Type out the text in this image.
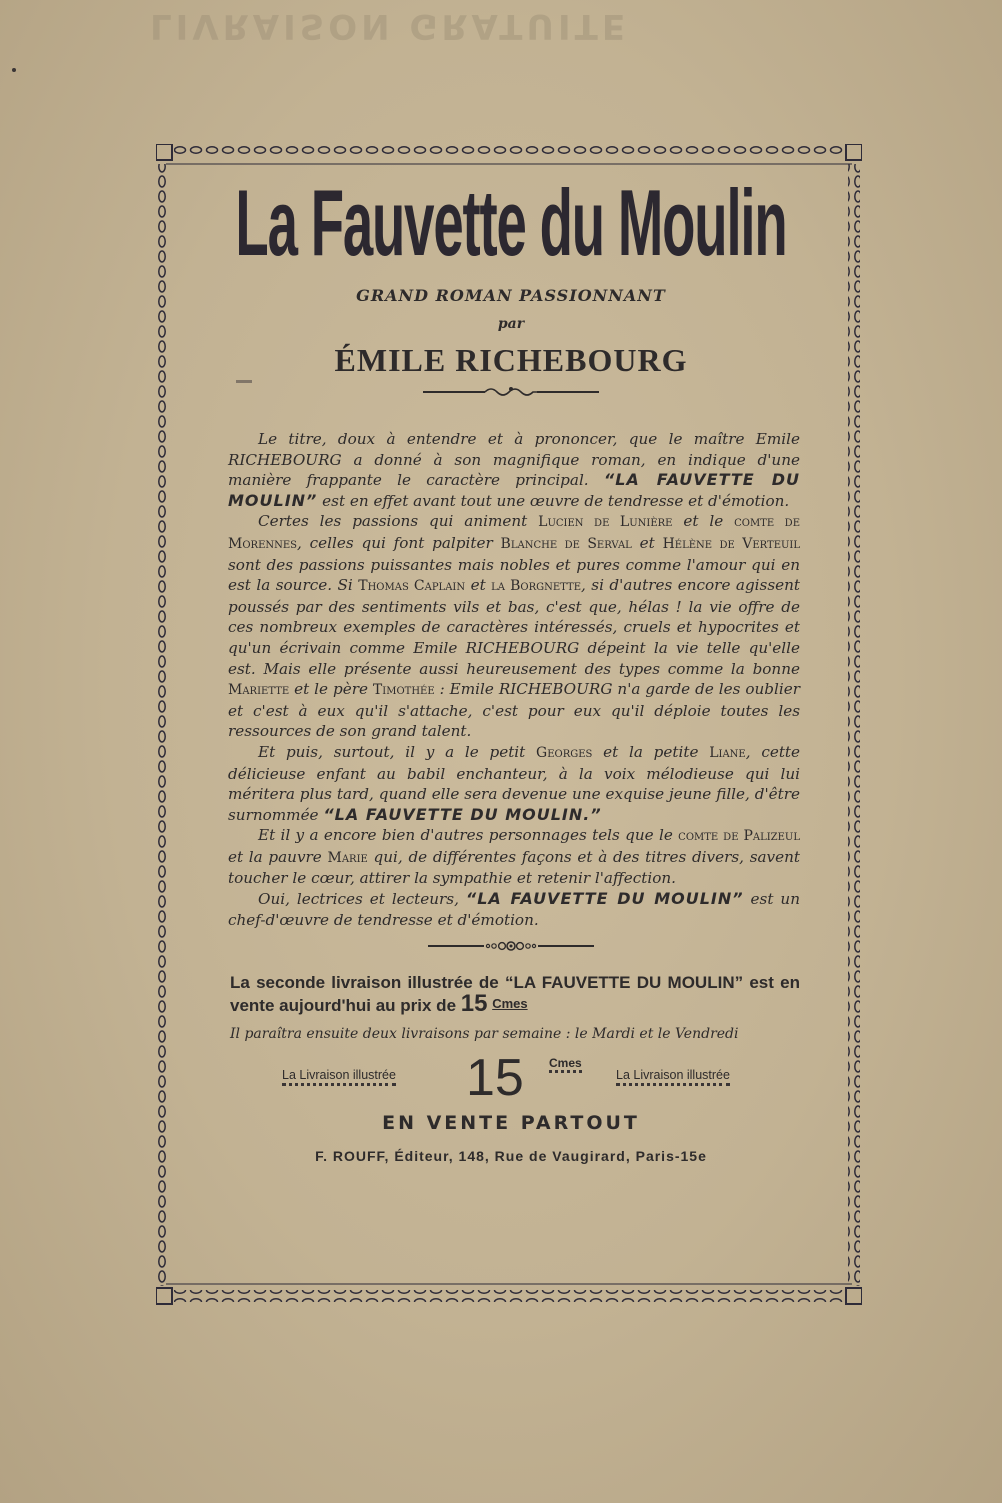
LIVRAISON GRATUITE
La Fauvette du Moulin
GRAND ROMAN PASSIONNANT
par
ÉMILE RICHEBOURG

Le titre, doux à entendre et à prononcer, que le maître Emile RICHEBOURG a donné à son magnifique roman, en indique d'une manière frappante le caractère principal. “LA FAUVETTE DU MOULIN” est en effet avant tout une œuvre de tendresse et d'émotion.

Certes les passions qui animent Lucien de Lunière et le comte de Morennes, celles qui font palpiter Blanche de Serval et Hélène de Verteuil sont des passions puissantes mais nobles et pures comme l'amour qui en est la source. Si Thomas Caplain et la Borgnette, si d'autres encore agissent poussés par des sentiments vils et bas, c'est que, hélas ! la vie offre de ces nombreux exemples de caractères intéressés, cruels et hypocrites et qu'un écrivain comme Emile RICHEBOURG dépeint la vie telle qu'elle est. Mais elle présente aussi heureusement des types comme la bonne Mariette et le père Timothée : Emile RICHEBOURG n'a garde de les oublier et c'est à eux qu'il s'attache, c'est pour eux qu'il déploie toutes les ressources de son grand talent.

Et puis, surtout, il y a le petit Georges et la petite Liane, cette délicieuse enfant au babil enchanteur, à la voix mélodieuse qui lui méritera plus tard, quand elle sera devenue une exquise jeune fille, d'être surnommée “LA FAUVETTE DU MOULIN.”

Et il y a encore bien d'autres personnages tels que le comte de Palizeul et la pauvre Marie qui, de différentes façons et à des titres divers, savent toucher le cœur, attirer la sympathie et retenir l'affection.

Oui, lectrices et lecteurs, “LA FAUVETTE DU MOULIN” est un chef-d'œuvre de tendresse et d'émotion.

La seconde livraison illustrée de “LA FAUVETTE DU MOULIN” est en vente aujourd'hui au prix de 15 $^{Cmes}$
Il paraîtra ensuite deux livraisons par semaine : le Mardi et le Vendredi
La Livraison illustrée 15 Cmes
La Livraison illustrée
EN VENTE PARTOUT
F. ROUFF, Éditeur, 148, Rue de Vaugirard, Paris-15e
